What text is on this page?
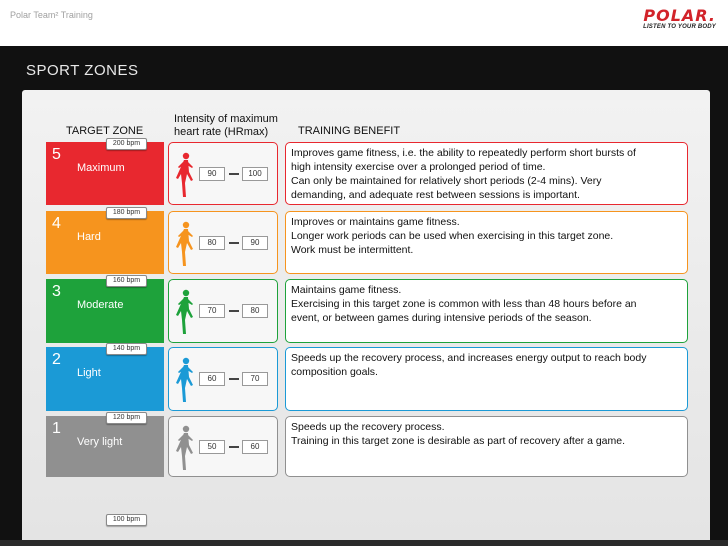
Polar Team² Training	POLAR.
LISTEN TO YOUR BODY
SPORT ZONES
TARGET ZONE
Intensity of maximum
heart rate (HRmax)	TRAINING BENEFIT
5
Maximum
200 bpm
90	100
Improves game fitness, i.e. the ability to repeatedly perform short bursts of
high intensity exercise over a prolonged period of time.
Can only be maintained for relatively short periods (2-4 mins). Very
demanding, and adequate rest between sessions is important.
4
Hard
180 bpm
80	90
Improves or maintains game fitness.
Longer work periods can be used when exercising in this target zone.
Work must be intermittent.
3
Moderate
160 bpm
70	80
Maintains game fitness.
Exercising in this target zone is common with less than 48 hours before an
event, or between games during intensive periods of the season.
2
Light
140 bpm
60	70
Speeds up the recovery process, and increases energy output to reach body
composition goals.
1
Very light
120 bpm
50	60
Speeds up the recovery process.
Training in this target zone is desirable as part of recovery after a game.
100 bpm
